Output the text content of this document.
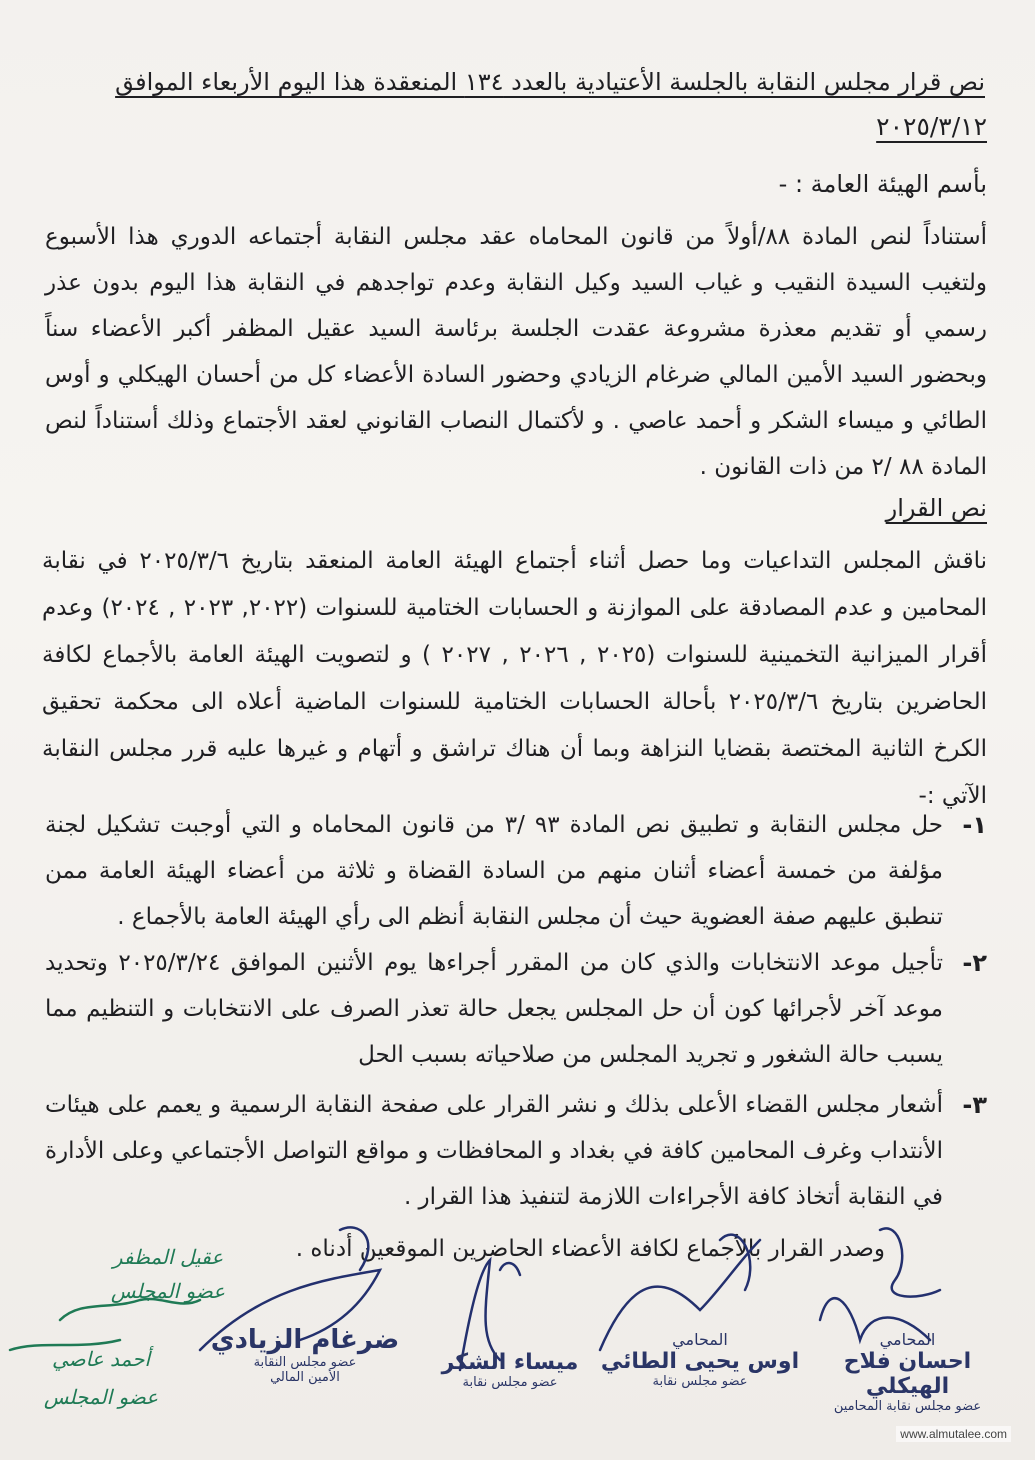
نص قرار مجلس النقابة بالجلسة الأعتيادية بالعدد ١٣٤ المنعقدة هذا اليوم الأربعاء الموافق
٢٠٢٥/٣/١٢
بأسم الهيئة العامة : -
أستناداً لنص المادة ٨٨/أولاً من قانون المحاماه عقد مجلس النقابة أجتماعه الدوري هذا الأسبوع ولتغيب السيدة النقيب و غياب السيد وكيل النقابة وعدم تواجدهم في النقابة هذا اليوم بدون عذر رسمي أو تقديم معذرة مشروعة عقدت الجلسة برئاسة السيد عقيل المظفر أكبر الأعضاء سناً وبحضور السيد الأمين المالي ضرغام الزيادي وحضور السادة الأعضاء كل من أحسان الهيكلي و أوس الطائي و ميساء الشكر و أحمد عاصي . و لأكتمال النصاب القانوني لعقد الأجتماع وذلك أستناداً لنص المادة ٨٨ /٢ من ذات القانون .
نص القرار
ناقش المجلس التداعيات وما حصل أثناء أجتماع الهيئة العامة المنعقد بتاريخ ٢٠٢٥/٣/٦ في نقابة المحامين و عدم المصادقة على الموازنة و الحسابات الختامية للسنوات (٢٠٢٢, ٢٠٢٣ , ٢٠٢٤) وعدم أقرار الميزانية التخمينية للسنوات (٢٠٢٥ , ٢٠٢٦ , ٢٠٢٧ ) و لتصويت الهيئة العامة بالأجماع لكافة الحاضرين بتاريخ ٢٠٢٥/٣/٦ بأحالة الحسابات الختامية للسنوات الماضية أعلاه الى محكمة تحقيق الكرخ الثانية المختصة بقضايا النزاهة وبما أن هناك تراشق و أتهام و غيرها عليه قرر مجلس النقابة الآتي :-
١-
حل مجلس النقابة و تطبيق نص المادة ٩٣ /٣ من قانون المحاماه و التي أوجبت تشكيل لجنة مؤلفة من خمسة أعضاء أثنان منهم من السادة القضاة و ثلاثة من أعضاء الهيئة العامة ممن تنطبق عليهم صفة العضوية حيث أن مجلس النقابة أنظم الى رأي الهيئة العامة بالأجماع .
٢-
تأجيل موعد الانتخابات والذي كان من المقرر أجراءها يوم الأثنين الموافق ٢٠٢٥/٣/٢٤ وتحديد موعد آخر لأجرائها كون أن حل المجلس يجعل حالة تعذر الصرف على الانتخابات و التنظيم مما يسبب حالة الشغور و تجريد المجلس من صلاحياته بسبب الحل
٣-
أشعار مجلس القضاء الأعلى بذلك و نشر القرار على صفحة النقابة الرسمية و يعمم على هيئات الأنتداب وغرف المحامين كافة في بغداد و المحافظات و مواقع التواصل الأجتماعي وعلى الأدارة في النقابة أتخاذ كافة الأجراءات اللازمة لتنفيذ هذا القرار .
وصدر القرار بالأجماع لكافة الأعضاء الحاضرين الموقعين أدناه .
عقيل المظفر
عضو المجلس
أحمد عاصي
عضو المجلس
المحامي
احسان فلاح الهيكلي
عضو مجلس نقابة المحامين
المحامي
اوس يحيى الطائي
عضو مجلس نقابة
ميساء الشكر
عضو مجلس نقابة
ضرغام الزيادي
عضو مجلس النقابة
الأمين المالي
www.almutalee.com
